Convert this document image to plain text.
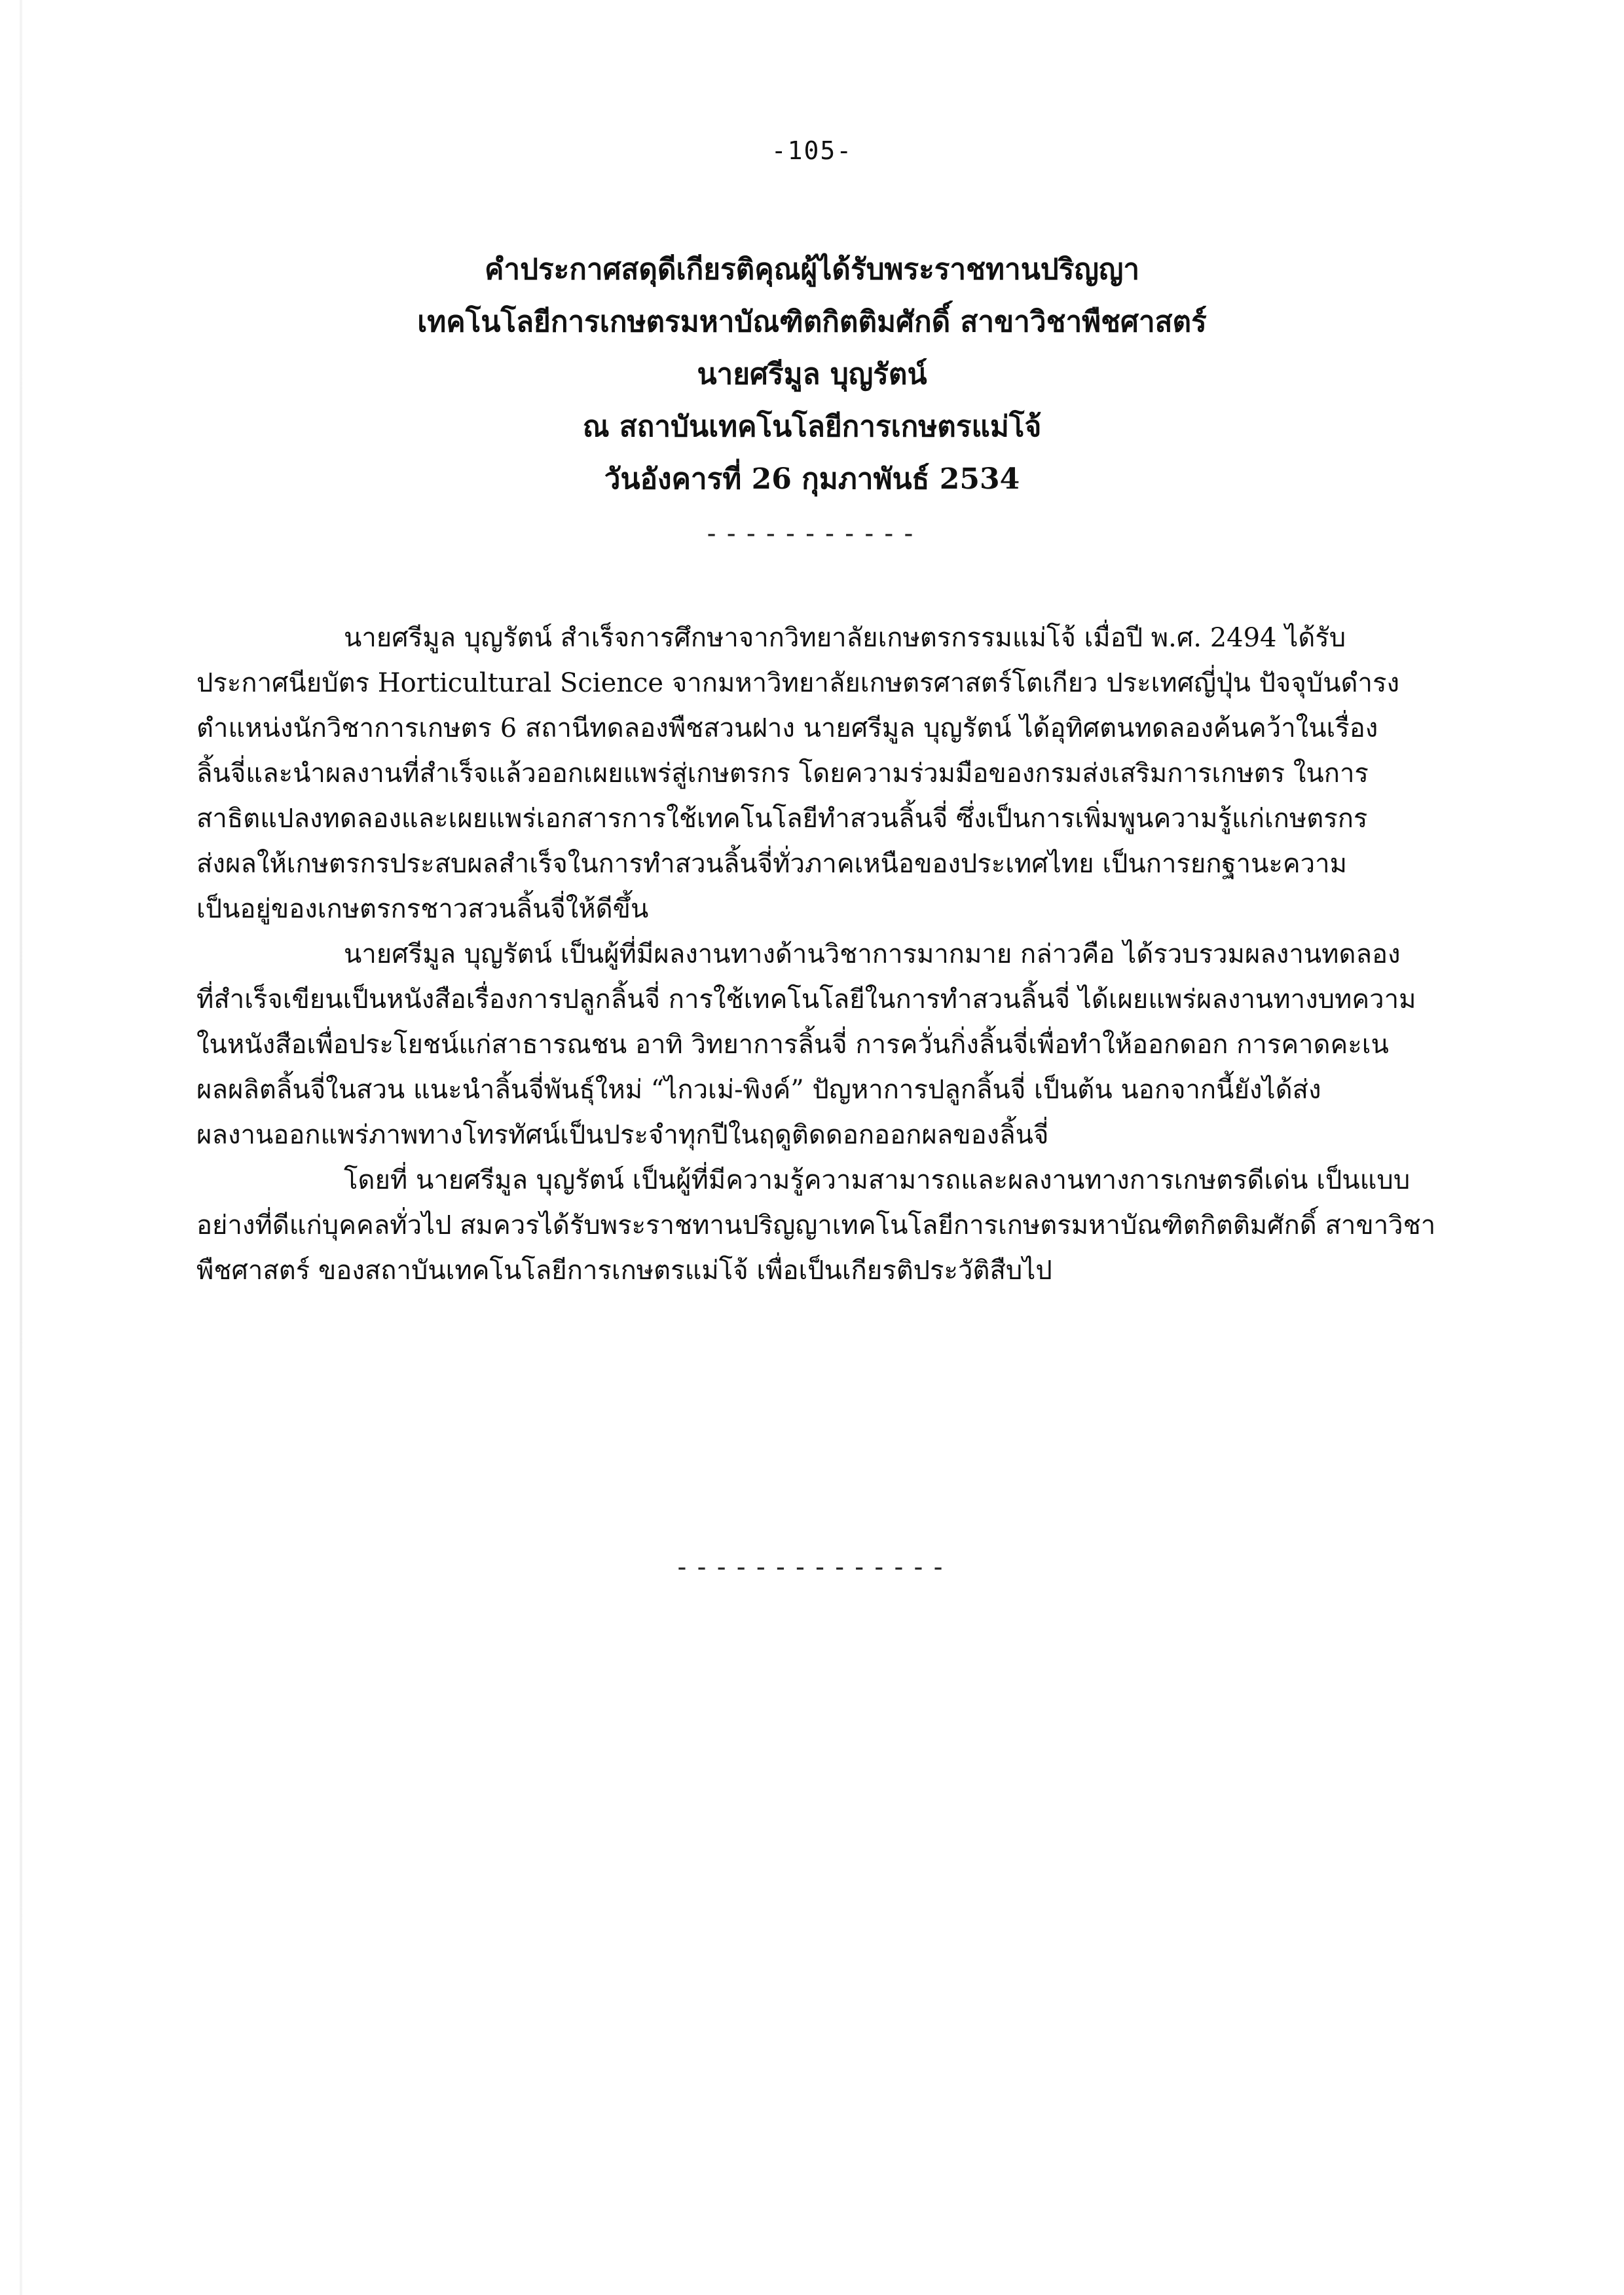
-105-
คำประกาศสดุดีเกียรติคุณผู้ได้รับพระราชทานปริญญา
เทคโนโลยีการเกษตรมหาบัณฑิตกิตติมศักดิ์ สาขาวิชาพืชศาสตร์
นายศรีมูล บุญรัตน์
ณ สถาบันเทคโนโลยีการเกษตรแม่โจ้
วันอังคารที่ 26 กุมภาพันธ์ 2534
-----------
นายศรีมูล บุญรัตน์ สำเร็จการศึกษาจากวิทยาลัยเกษตรกรรมแม่โจ้ เมื่อปี พ.ศ. 2494 ได้รับ
ประกาศนียบัตร Horticultural Science จากมหาวิทยาลัยเกษตรศาสตร์โตเกียว ประเทศญี่ปุ่น ปัจจุบันดำรง
ตำแหน่งนักวิชาการเกษตร 6 สถานีทดลองพืชสวนฝาง นายศรีมูล บุญรัตน์ ได้อุทิศตนทดลองค้นคว้าในเรื่อง
ลิ้นจี่และนำผลงานที่สำเร็จแล้วออกเผยแพร่สู่เกษตรกร โดยความร่วมมือของกรมส่งเสริมการเกษตร ในการ
สาธิตแปลงทดลองและเผยแพร่เอกสารการใช้เทคโนโลยีทำสวนลิ้นจี่ ซึ่งเป็นการเพิ่มพูนความรู้แก่เกษตรกร
ส่งผลให้เกษตรกรประสบผลสำเร็จในการทำสวนลิ้นจี่ทั่วภาคเหนือของประเทศไทย เป็นการยกฐานะความ
เป็นอยู่ของเกษตรกรชาวสวนลิ้นจี่ให้ดีขึ้น
นายศรีมูล บุญรัตน์ เป็นผู้ที่มีผลงานทางด้านวิชาการมากมาย กล่าวคือ ได้รวบรวมผลงานทดลอง
ที่สำเร็จเขียนเป็นหนังสือเรื่องการปลูกลิ้นจี่ การใช้เทคโนโลยีในการทำสวนลิ้นจี่ ได้เผยแพร่ผลงานทางบทความ
ในหนังสือเพื่อประโยชน์แก่สาธารณชน อาทิ วิทยาการลิ้นจี่ การควั่นกิ่งลิ้นจี่เพื่อทำให้ออกดอก การคาดคะเน
ผลผลิตลิ้นจี่ในสวน แนะนำลิ้นจี่พันธุ์ใหม่ “ไกวเม่-พิงค์” ปัญหาการปลูกลิ้นจี่ เป็นต้น นอกจากนี้ยังได้ส่ง
ผลงานออกแพร่ภาพทางโทรทัศน์เป็นประจำทุกปีในฤดูติดดอกออกผลของลิ้นจี่
โดยที่ นายศรีมูล บุญรัตน์ เป็นผู้ที่มีความรู้ความสามารถและผลงานทางการเกษตรดีเด่น เป็นแบบ
อย่างที่ดีแก่บุคคลทั่วไป สมควรได้รับพระราชทานปริญญาเทคโนโลยีการเกษตรมหาบัณฑิตกิตติมศักดิ์ สาขาวิชา
พืชศาสตร์ ของสถาบันเทคโนโลยีการเกษตรแม่โจ้ เพื่อเป็นเกียรติประวัติสืบไป
--------------
